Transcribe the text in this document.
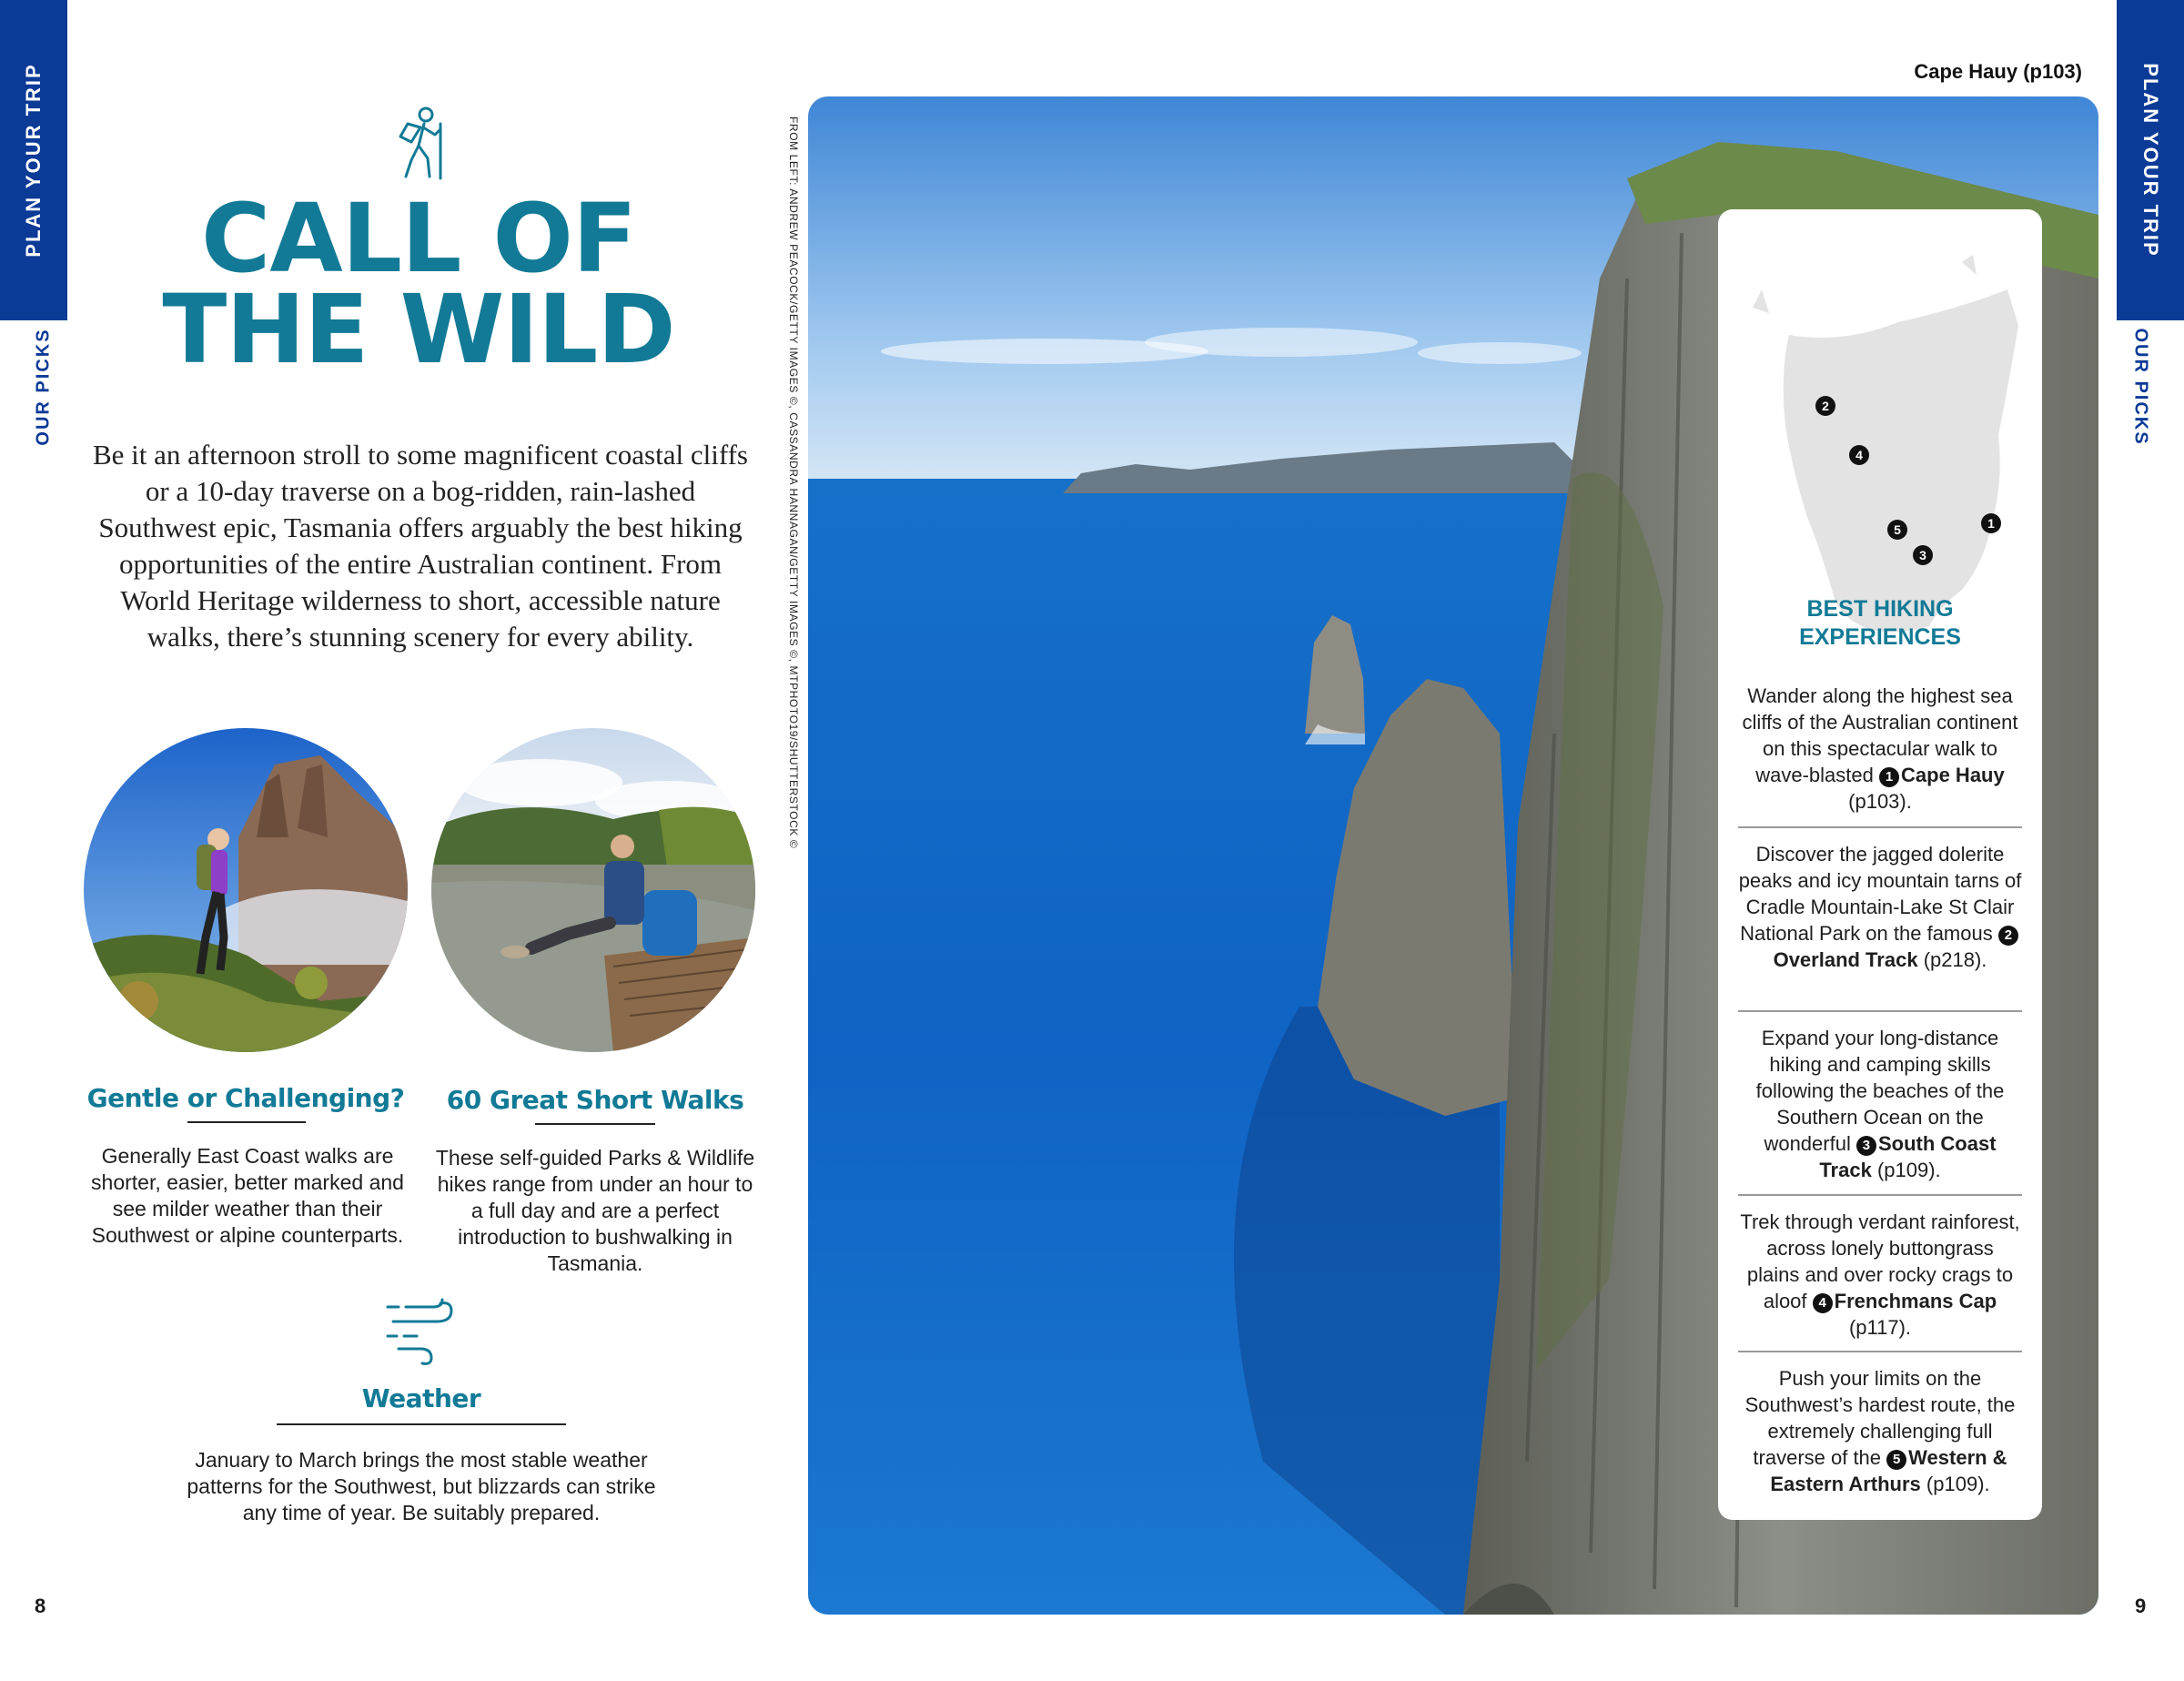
PLAN YOUR TRIP
OUR PICKS
PLAN YOUR TRIP
OUR PICKS
8	9
CALL OF
THE WILD
Be it an afternoon stroll to some magnificent coastal cliffs or a 10-day traverse on a bog-ridden, rain-lashed Southwest epic, Tasmania offers arguably the best hiking opportunities of the entire Australian continent. From World Heritage wilderness to short, accessible nature walks, there’s stunning scenery for every ability.
Gentle or Challenging?
Generally East Coast walks are shorter, easier, better marked and see milder weather than their Southwest or alpine counterparts.
60 Great Short Walks
These self-guided Parks & Wildlife hikes range from under an hour to a full day and are a perfect introduction to bushwalking in Tasmania.
Weather
January to March brings the most stable weather patterns for the Southwest, but blizzards can strike any time of year. Be suitably prepared.
FROM LEFT: ANDREW PEACOCK/GETTY IMAGES ©, CASSANDRA HANNAGAN/GETTY IMAGES ©, MTPHOTO19/SHUTTERSTOCK ©
Cape Hauy (p103)
2
4
5
3
1
BEST HIKING
EXPERIENCES
Wander along the highest sea cliffs of the Australian continent on this spectacular walk to wave-blasted 1 Cape Hauy (p103).
Discover the jagged dolerite peaks and icy mountain tarns of Cradle Mountain-Lake St Clair National Park on the famous 2Overland Track (p218).
Expand your long-distance hiking and camping skills following the beaches of the Southern Ocean on the wonderful 3 South Coast Track (p109).
Trek through verdant rainforest, across lonely buttongrass plains and over rocky crags to aloof 4 Frenchmans Cap (p117).
Push your limits on the Southwest’s hardest route, the extremely challenging full traverse of the 5 Western & Eastern Arthurs (p109).
